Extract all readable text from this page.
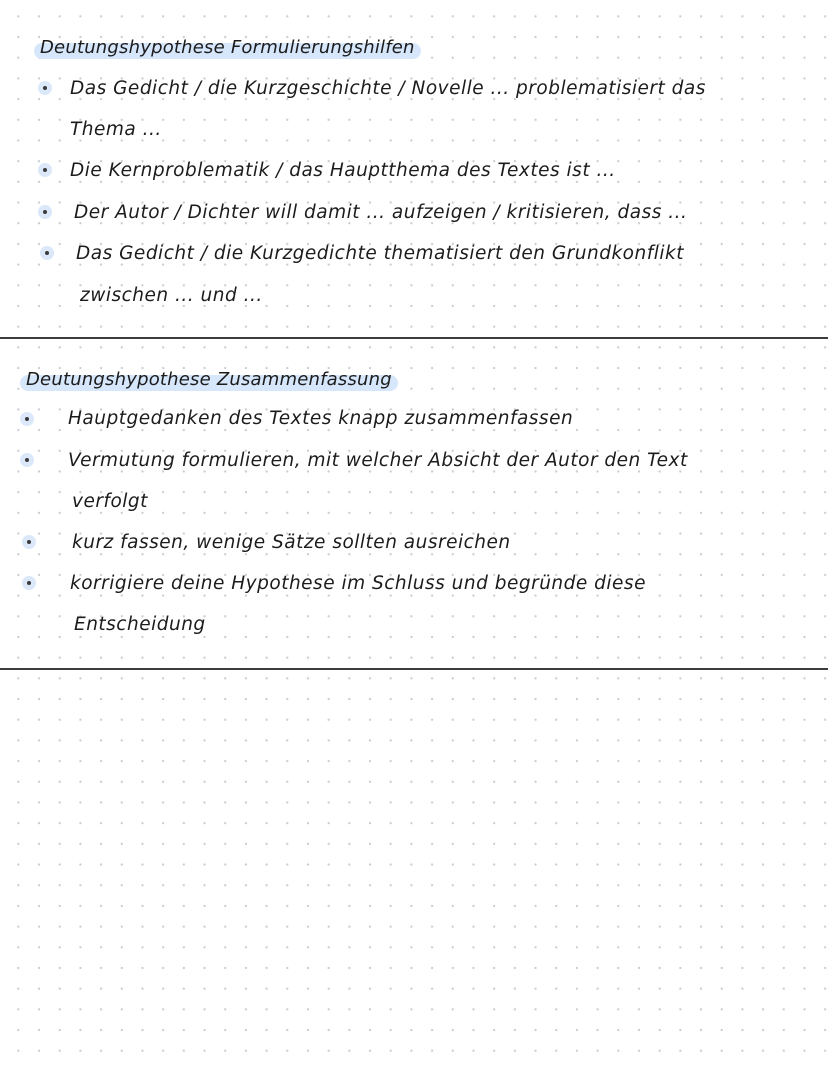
Deutungshypothese Formulierungshilfen
Das Gedicht / die Kurzgeschichte / Novelle ... problematisiert das
Thema ...
Die Kernproblematik / das Hauptthema des Textes ist ...
Der Autor / Dichter will damit ... aufzeigen / kritisieren, dass ...
Das Gedicht / die Kurzgedichte thematisiert den Grundkonflikt
zwischen ... und ...
Deutungshypothese Zusammenfassung
Hauptgedanken des Textes knapp zusammenfassen
Vermutung formulieren, mit welcher Absicht der Autor den Text
verfolgt
kurz fassen, wenige Sätze sollten ausreichen
korrigiere deine Hypothese im Schluss und begründe diese
Entscheidung
